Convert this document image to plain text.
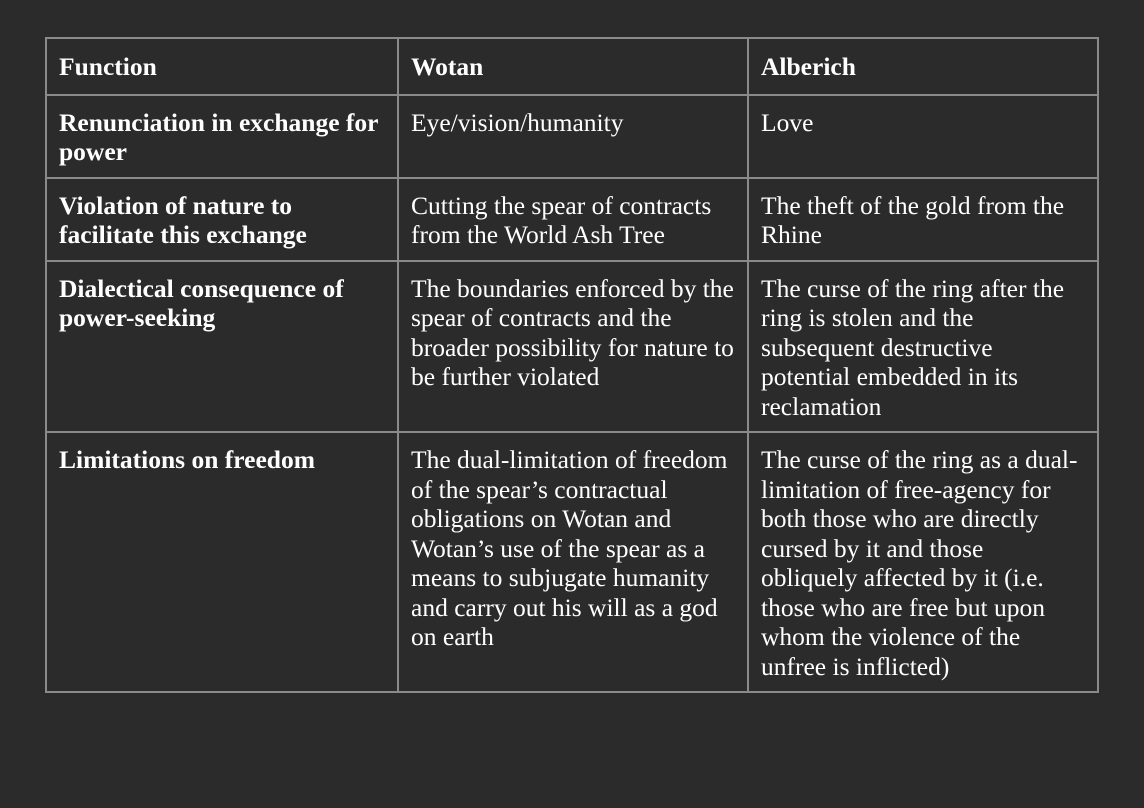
Function	Wotan	Alberich
Renunciation in exchange for power	Eye/vision/humanity	Love
Violation of nature to facilitate this exchange	Cutting the spear of contracts from the World Ash Tree	The theft of the gold from the Rhine
Dialectical consequence of power-seeking	The boundaries enforced by the spear of contracts and the broader possibility for nature to be further violated	The curse of the ring after the ring is stolen and the subsequent destructive potential embedded in its reclamation
Limitations on freedom	The dual-limitation of freedom of the spear’s contractual obligations on Wotan and Wotan’s use of the spear as a means to subjugate humanity and carry out his will as a god on earth	The curse of the ring as a dual-limitation of free-agency for both those who are directly cursed by it and those obliquely affected by it (i.e. those who are free but upon whom the violence of the unfree is inflicted)
